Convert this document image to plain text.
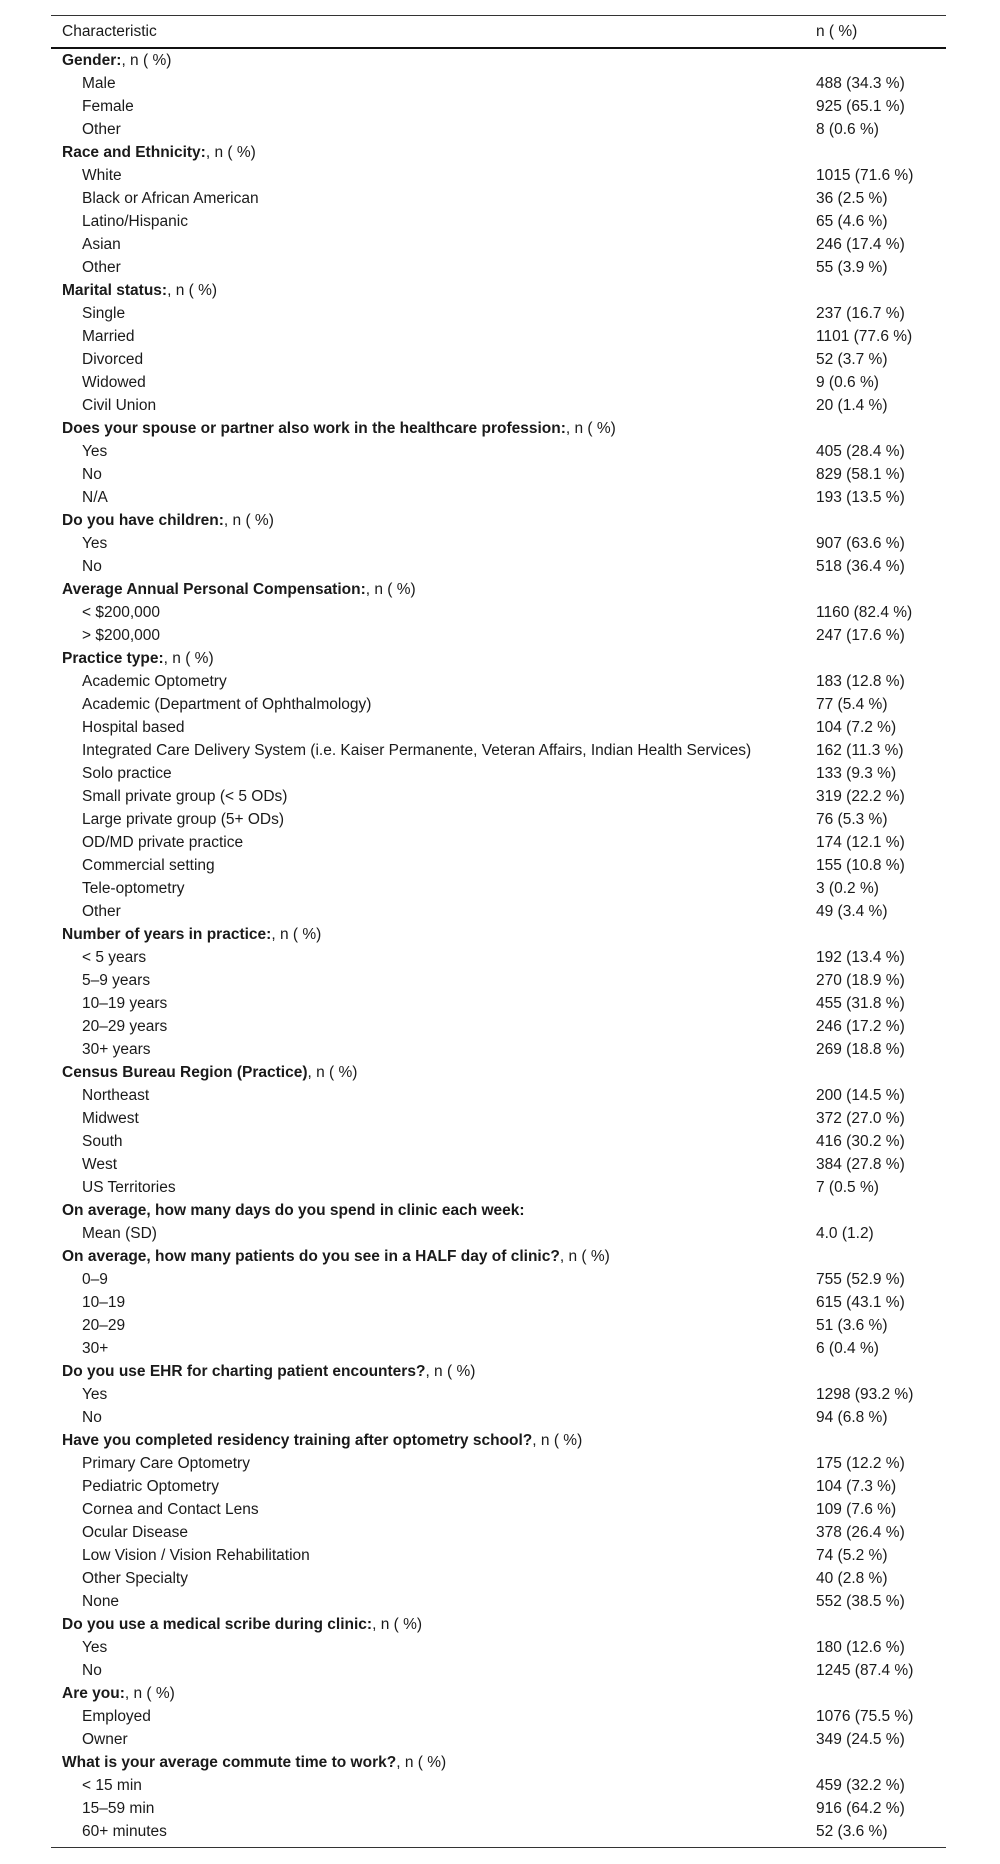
Characteristic	n ( %)
Gender:, n ( %)
Male	488 (34.3 %)
Female	925 (65.1 %)
Other	8 (0.6 %)
Race and Ethnicity:, n ( %)
White	1015 (71.6 %)
Black or African American	36 (2.5 %)
Latino/Hispanic	65 (4.6 %)
Asian	246 (17.4 %)
Other	55 (3.9 %)
Marital status:, n ( %)
Single	237 (16.7 %)
Married	1101 (77.6 %)
Divorced	52 (3.7 %)
Widowed	9 (0.6 %)
Civil Union	20 (1.4 %)
Does your spouse or partner also work in the healthcare profession:, n ( %)
Yes	405 (28.4 %)
No	829 (58.1 %)
N/A	193 (13.5 %)
Do you have children:, n ( %)
Yes	907 (63.6 %)
No	518 (36.4 %)
Average Annual Personal Compensation:, n ( %)
< $200,000	1160 (82.4 %)
> $200,000	247 (17.6 %)
Practice type:, n ( %)
Academic Optometry	183 (12.8 %)
Academic (Department of Ophthalmology)	77 (5.4 %)
Hospital based	104 (7.2 %)
Integrated Care Delivery System (i.e. Kaiser Permanente, Veteran Affairs, Indian Health Services)	162 (11.3 %)
Solo practice	133 (9.3 %)
Small private group (< 5 ODs)	319 (22.2 %)
Large private group (5+ ODs)	76 (5.3 %)
OD/MD private practice	174 (12.1 %)
Commercial setting	155 (10.8 %)
Tele-optometry	3 (0.2 %)
Other	49 (3.4 %)
Number of years in practice:, n ( %)
< 5 years	192 (13.4 %)
5–9 years	270 (18.9 %)
10–19 years	455 (31.8 %)
20–29 years	246 (17.2 %)
30+ years	269 (18.8 %)
Census Bureau Region (Practice), n ( %)
Northeast	200 (14.5 %)
Midwest	372 (27.0 %)
South	416 (30.2 %)
West	384 (27.8 %)
US Territories	7 (0.5 %)
On average, how many days do you spend in clinic each week:
Mean (SD)	4.0 (1.2)
On average, how many patients do you see in a HALF day of clinic?, n ( %)
0–9	755 (52.9 %)
10–19	615 (43.1 %)
20–29	51 (3.6 %)
30+	6 (0.4 %)
Do you use EHR for charting patient encounters?, n ( %)
Yes	1298 (93.2 %)
No	94 (6.8 %)
Have you completed residency training after optometry school?, n ( %)
Primary Care Optometry	175 (12.2 %)
Pediatric Optometry	104 (7.3 %)
Cornea and Contact Lens	109 (7.6 %)
Ocular Disease	378 (26.4 %)
Low Vision / Vision Rehabilitation	74 (5.2 %)
Other Specialty	40 (2.8 %)
None	552 (38.5 %)
Do you use a medical scribe during clinic:, n ( %)
Yes	180 (12.6 %)
No	1245 (87.4 %)
Are you:, n ( %)
Employed	1076 (75.5 %)
Owner	349 (24.5 %)
What is your average commute time to work?, n ( %)
< 15 min	459 (32.2 %)
15–59 min	916 (64.2 %)
60+ minutes	52 (3.6 %)
